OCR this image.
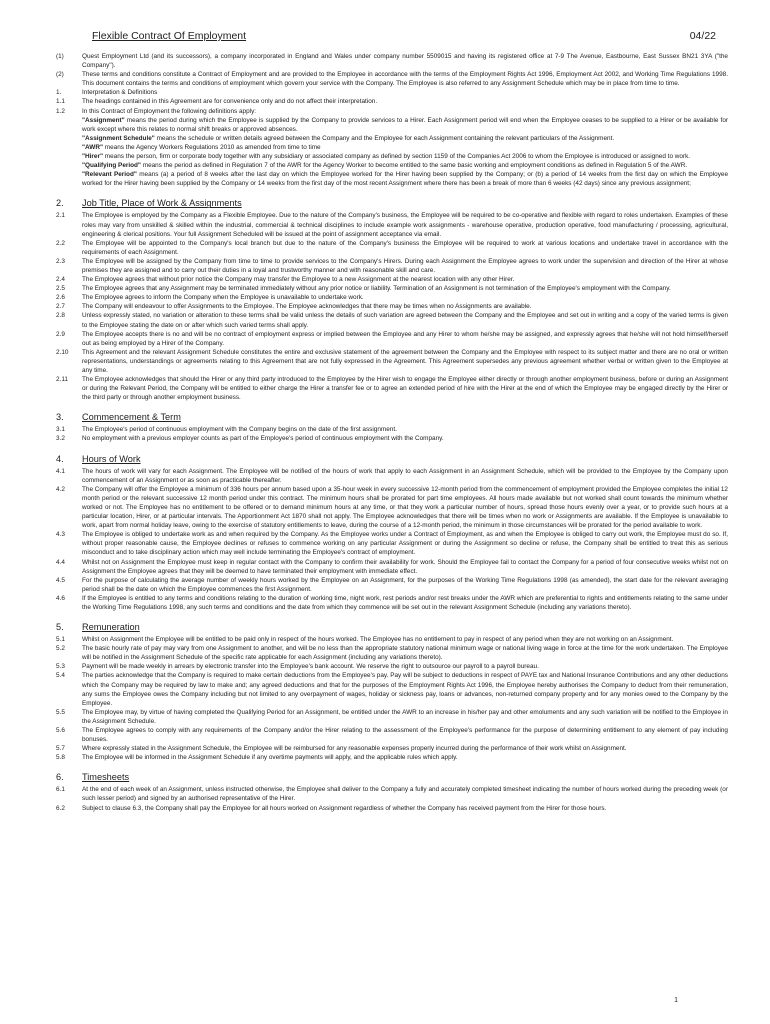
Flexible Contract Of Employment	04/22
(1)	Quest Employment Ltd (and its successors), a company incorporated in England and Wales under company number 5509015 and having its registered office at 7-9 The Avenue, Eastbourne, East Sussex BN21 3YA ("the Company").
(2)	These terms and conditions constitute a Contract of Employment and are provided to the Employee in accordance with the terms of the Employment Rights Act 1996, Employment Act 2002, and Working Time Regulations 1998. This document contains the terms and conditions of employment which govern your service with the Company. The Employee is also referred to any Assignment Schedule which may be in place from time to time.
1.	Interpretation & Definitions
1.1	The headings contained in this Agreement are for convenience only and do not affect their interpretation.
1.2	In this Contract of Employment the following definitions apply:
"Assignment" means the period during which the Employee is supplied by the Company to provide services to a Hirer. Each Assignment period will end when the Employee ceases to be supplied to a Hirer or be available for work except where this relates to normal shift breaks or approved absences.
"Assignment Schedule" means the schedule or written details agreed between the Company and the Employee for each Assignment containing the relevant particulars of the Assignment.
"AWR" means the Agency Workers Regulations 2010 as amended from time to time
"Hirer" means the person, firm or corporate body together with any subsidiary or associated company as defined by section 1159 of the Companies Act 2006 to whom the Employee is introduced or assigned to work.
"Qualifying Period" means the period as defined in Regulation 7 of the AWR for the Agency Worker to become entitled to the same basic working and employment conditions as defined in Regulation 5 of the AWR.
"Relevant Period" means (a) a period of 8 weeks after the last day on which the Employee worked for the Hirer having been supplied by the Company; or (b) a period of 14 weeks from the first day on which the Employee worked for the Hirer having been supplied by the Company or 14 weeks from the first day of the most recent Assignment where there has been a break of more than 6 weeks (42 days) since any previous assignment;
2.	Job Title, Place of Work & Assignments
2.1	The Employee is employed by the Company as a Flexible Employee. Due to the nature of the Company's business, the Employee will be required to be co-operative and flexible with regard to roles undertaken. Examples of these roles may vary from unskilled & skilled within the industrial, commercial & technical disciplines to include example work assignments - warehouse operative, production operative, food manufacturing / processing, agricultural, engineering & clerical positions. Your full Assignment Scheduled will be issued at the point of assignment acceptance via email.
2.2	The Employee will be appointed to the Company's local branch but due to the nature of the Company's business the Employee will be required to work at various locations and undertake travel in accordance with the requirements of each Assignment.
2.3	The Employee will be assigned by the Company from time to time to provide services to the Company's Hirers. During each Assignment the Employee agrees to work under the supervision and direction of the Hirer at whose premises they are assigned and to carry out their duties in a loyal and trustworthy manner and with reasonable skill and care.
2.4	The Employee agrees that without prior notice the Company may transfer the Employee to a new Assignment at the nearest location with any other Hirer.
2.5	The Employee agrees that any Assignment may be terminated immediately without any prior notice or liability. Termination of an Assignment is not termination of the Employee's employment with the Company.
2.6	The Employee agrees to inform the Company when the Employee is unavailable to undertake work.
2.7	The Company will endeavour to offer Assignments to the Employee. The Employee acknowledges that there may be times when no Assignments are available.
2.8	Unless expressly stated, no variation or alteration to these terms shall be valid unless the details of such variation are agreed between the Company and the Employee and set out in writing and a copy of the varied terms is given to the Employee stating the date on or after which such varied terms shall apply.
2.9	The Employee accepts there is no and will be no contract of employment express or implied between the Employee and any Hirer to whom he/she may be assigned, and expressly agrees that he/she will not hold himself/herself out as being employed by a Hirer of the Company.
2.10	This Agreement and the relevant Assignment Schedule constitutes the entire and exclusive statement of the agreement between the Company and the Employee with respect to its subject matter and there are no oral or written representations, understandings or agreements relating to this Agreement that are not fully expressed in the Agreement. This Agreement supersedes any previous agreement whether verbal or written given to the Employee at any time.
2.11	The Employee acknowledges that should the Hirer or any third party introduced to the Employee by the Hirer wish to engage the Employee either directly or through another employment business, before or during an Assignment or during the Relevant Period, the Company will be entitled to either charge the Hirer a transfer fee or to agree an extended period of hire with the Hirer at the end of which the Employee may be engaged directly by the Hirer or the third party or through another employment business.
3.	Commencement & Term
3.1	The Employee's period of continuous employment with the Company begins on the date of the first assignment.
3.2	No employment with a previous employer counts as part of the Employee's period of continuous employment with the Company.
4.	Hours of Work
4.1	The hours of work will vary for each Assignment. The Employee will be notified of the hours of work that apply to each Assignment in an Assignment Schedule, which will be provided to the Employee by the Company upon commencement of an Assignment or as soon as practicable thereafter.
4.2	The Company will offer the Employee a minimum of 336 hours per annum based upon a 35-hour week in every successive 12-month period from the commencement of employment provided the Employee completes the initial 12 month period or the relevant successive 12 month period under this contract. The minimum hours shall be prorated for part time employees. All hours made available but not worked shall count towards the minimum whether worked or not. The Employee has no entitlement to be offered or to demand minimum hours at any time, or that they work a particular number of hours, spread those hours evenly over a year, or to provide such hours at a particular location, Hirer, or at particular intervals. The Apportionment Act 1870 shall not apply. The Employee acknowledges that there will be times when no work or Assignments are available. If the Employee is unavailable to work, apart from normal holiday leave, owing to the exercise of statutory entitlements to leave, during the course of a 12-month period, the minimum in those circumstances will be prorated for the period available to work.
4.3	The Employee is obliged to undertake work as and when required by the Company. As the Employee works under a Contract of Employment, as and when the Employee is obliged to carry out work, the Employee must do so. If, without proper reasonable cause, the Employee declines or refuses to commence working on any particular Assignment or during the Assignment so decline or refuse, the Company shall be entitled to treat this as serious misconduct and to take disciplinary action which may well include terminating the Employee's contract of employment.
4.4	Whilst not on Assignment the Employee must keep in regular contact with the Company to confirm their availability for work. Should the Employee fail to contact the Company for a period of four consecutive weeks whilst not on Assignment the Employee agrees that they will be deemed to have terminated their employment with immediate effect.
4.5	For the purpose of calculating the average number of weekly hours worked by the Employee on an Assignment, for the purposes of the Working Time Regulations 1998 (as amended), the start date for the relevant averaging period shall be the date on which the Employee commences the first Assignment.
4.6	If the Employee is entitled to any terms and conditions relating to the duration of working time, night work, rest periods and/or rest breaks under the AWR which are preferential to rights and entitlements relating to the same under the Working Time Regulations 1998, any such terms and conditions and the date from which they commence will be set out in the relevant Assignment Schedule (including any variations thereto).
5.	Remuneration
5.1	Whilst on Assignment the Employee will be entitled to be paid only in respect of the hours worked. The Employee has no entitlement to pay in respect of any period when they are not working on an Assignment.
5.2	The basic hourly rate of pay may vary from one Assignment to another, and will be no less than the appropriate statutory national minimum wage or national living wage in force at the time for the work undertaken. The Employee will be notified in the Assignment Schedule of the specific rate applicable for each Assignment (including any variations thereto).
5.3	Payment will be made weekly in arrears by electronic transfer into the Employee's bank account. We reserve the right to outsource our payroll to a payroll bureau.
5.4	The parties acknowledge that the Company is required to make certain deductions from the Employee's pay. Pay will be subject to deductions in respect of PAYE tax and National Insurance Contributions and any other deductions which the Company may be required by law to make and; any agreed deductions and that for the purposes of the Employment Rights Act 1996, the Employee hereby authorises the Company to deduct from their remuneration, any sums the Employee owes the Company including but not limited to any overpayment of wages, holiday or sickness pay, loans or advances, non-returned company property and for any monies owed to the Company by the Employee.
5.5	The Employee may, by virtue of having completed the Qualifying Period for an Assignment, be entitled under the AWR to an increase in his/her pay and other emoluments and any such variation will be notified to the Employee in the Assignment Schedule.
5.6	The Employee agrees to comply with any requirements of the Company and/or the Hirer relating to the assessment of the Employee's performance for the purpose of determining entitlement to any element of pay including bonuses.
5.7	Where expressly stated in the Assignment Schedule, the Employee will be reimbursed for any reasonable expenses properly incurred during the performance of their work whilst on Assignment.
5.8	The Employee will be informed in the Assignment Schedule if any overtime payments will apply, and the applicable rules which apply.
6.	Timesheets
6.1	At the end of each week of an Assignment, unless instructed otherwise, the Employee shall deliver to the Company a fully and accurately completed timesheet indicating the number of hours worked during the preceding week (or such lesser period) and signed by an authorised representative of the Hirer.
6.2	Subject to clause 6.3, the Company shall pay the Employee for all hours worked on Assignment regardless of whether the Company has received payment from the Hirer for those hours.
1
